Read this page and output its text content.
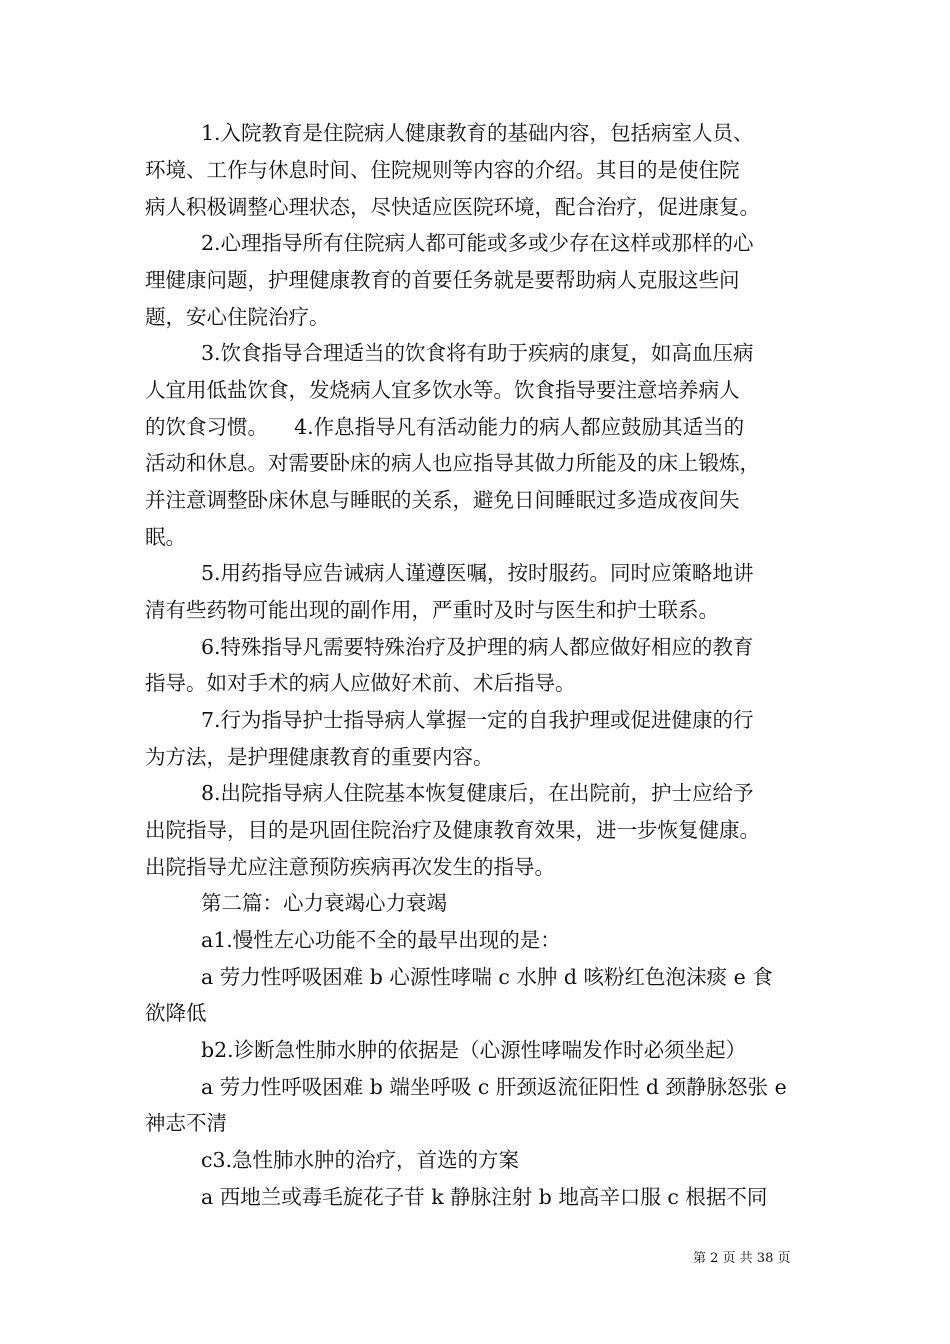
1.入院教育是住院病人健康教育的基础内容，包括病室人员、
环境、工作与休息时间、住院规则等内容的介绍。其目的是使住院
病人积极调整心理状态，尽快适应医院环境，配合治疗，促进康复。
2.心理指导所有住院病人都可能或多或少存在这样或那样的心
理健康问题，护理健康教育的首要任务就是要帮助病人克服这些问
题，安心住院治疗。
3.饮食指导合理适当的饮食将有助于疾病的康复，如高血压病
人宜用低盐饮食，发烧病人宜多饮水等。饮食指导要注意培养病人
的饮食习惯。    4.作息指导凡有活动能力的病人都应鼓励其适当的
活动和休息。对需要卧床的病人也应指导其做力所能及的床上锻炼，
并注意调整卧床休息与睡眠的关系，避免日间睡眠过多造成夜间失
眠。
5.用药指导应告诫病人谨遵医嘱，按时服药。同时应策略地讲
清有些药物可能出现的副作用，严重时及时与医生和护士联系。
6.特殊指导凡需要特殊治疗及护理的病人都应做好相应的教育
指导。如对手术的病人应做好术前、术后指导。
7.行为指导护士指导病人掌握一定的自我护理或促进健康的行
为方法，是护理健康教育的重要内容。
8.出院指导病人住院基本恢复健康后，在出院前，护士应给予
出院指导，目的是巩固住院治疗及健康教育效果，进一步恢复健康。
出院指导尤应注意预防疾病再次发生的指导。
第二篇：心力衰竭心力衰竭
a1.慢性左心功能不全的最早出现的是：
a 劳力性呼吸困难 b 心源性哮喘 c 水肿 d 咳粉红色泡沫痰 e 食
欲降低
b2.诊断急性肺水肿的依据是（心源性哮喘发作时必须坐起）
a 劳力性呼吸困难 b 端坐呼吸 c 肝颈返流征阳性 d 颈静脉怒张 e
神志不清
c3.急性肺水肿的治疗，首选的方案
a 西地兰或毒毛旋花子苷 k 静脉注射 b 地高辛口服 c 根据不同
第 2 页 共 38 页
